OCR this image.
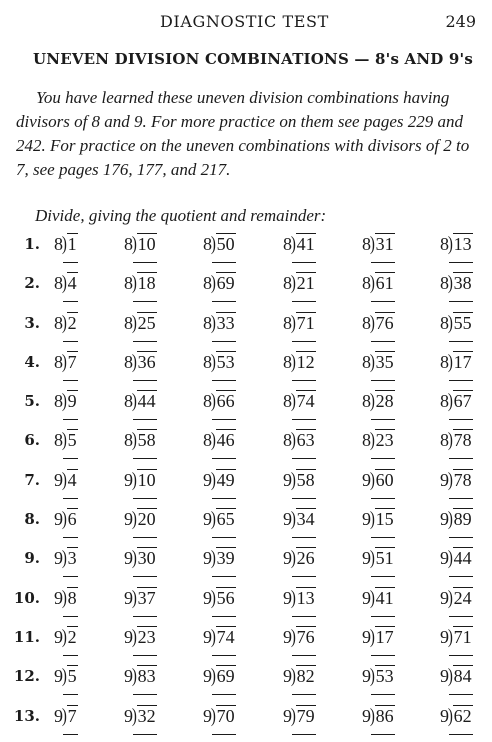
DIAGNOSTIC TEST	249
UNEVEN DIVISION COMBINATIONS — 8's AND 9's

You have learned these uneven division combinations having divisors of 8 and 9. For more practice on them see pages 229 and 242. For practice on the uneven combinations with divisors of 2 to 7, see pages 176, 177, and 217.

Divide, giving the quotient and remainder:
1. 8)1	8)10	8)50	8)41	8)31	8)13
2. 8)4	8)18	8)69	8)21	8)61	8)38
3. 8)2	8)25	8)33	8)71	8)76	8)55
4. 8)7	8)36	8)53	8)12	8)35	8)17
5. 8)9	8)44	8)66	8)74	8)28	8)67
6. 8)5	8)58	8)46	8)63	8)23	8)78
7. 9)4	9)10	9)49	9)58	9)60	9)78
8. 9)6	9)20	9)65	9)34	9)15	9)89
9. 9)3	9)30	9)39	9)26	9)51	9)44
10. 9)8	9)37	9)56	9)13	9)41	9)24
11. 9)2	9)23	9)74	9)76	9)17	9)71
12. 9)5	9)83	9)69	9)82	9)53	9)84
13. 9)7	9)32	9)70	9)79	9)86	9)62
